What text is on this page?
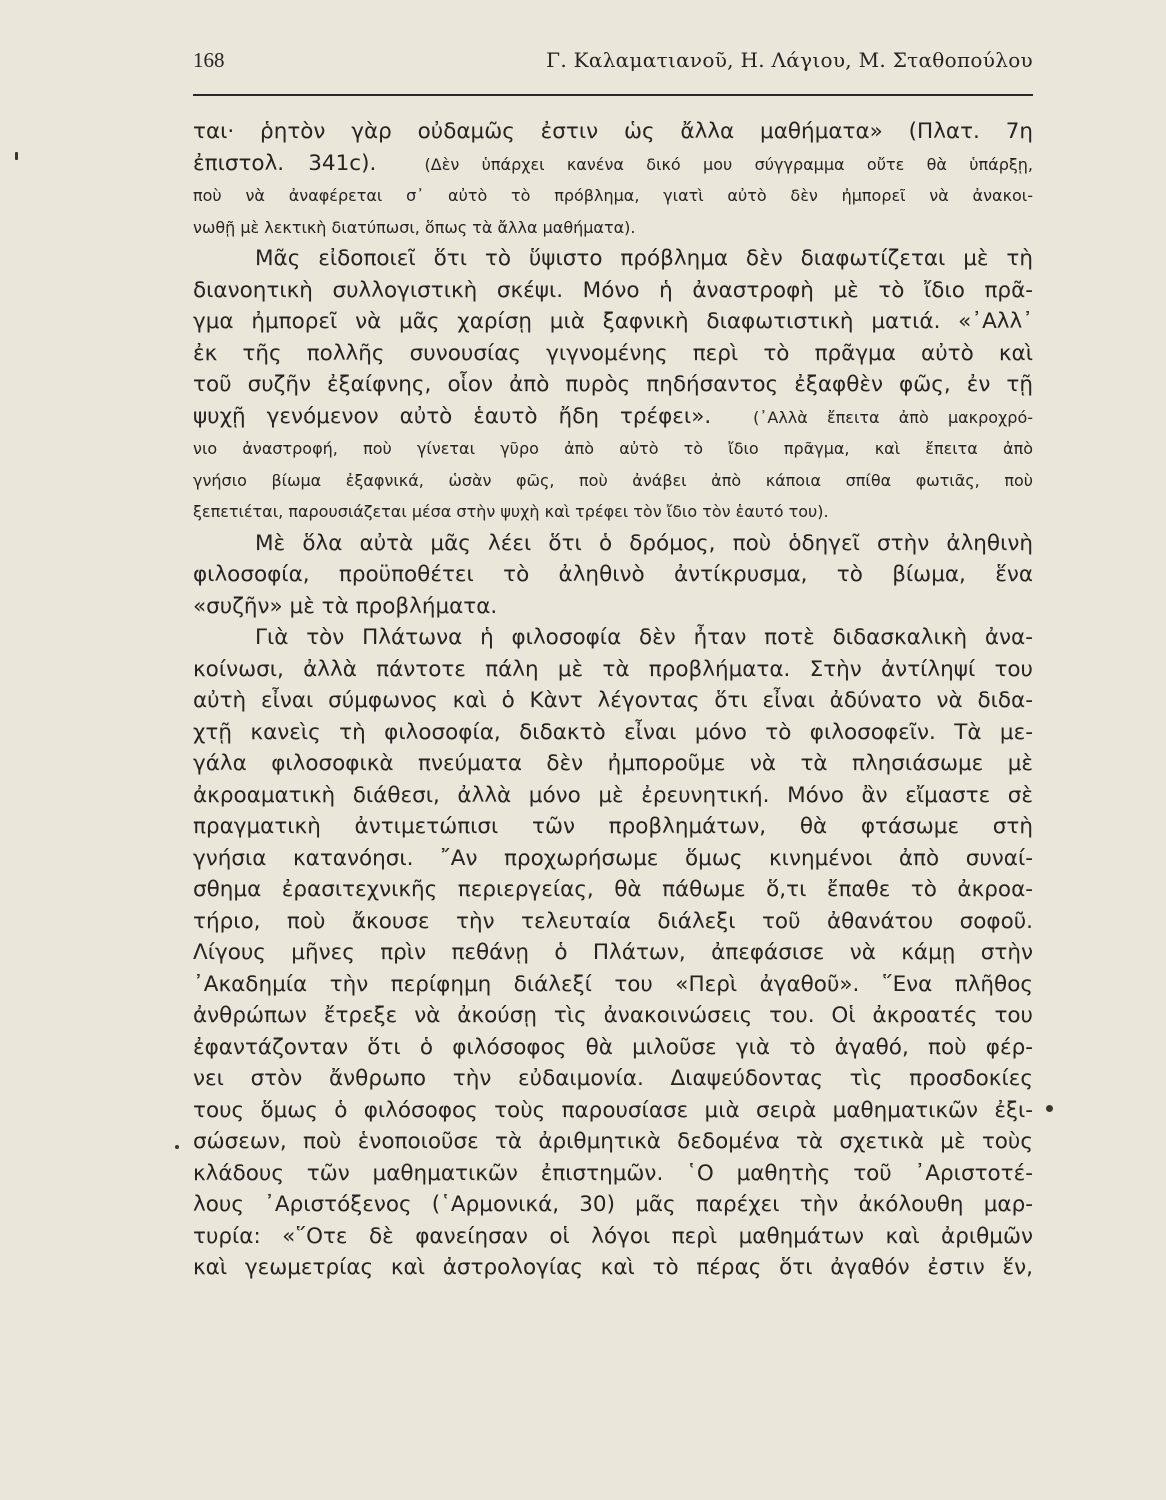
168	Γ. Καλαματιανοῦ, Η. Λάγιου, Μ. Σταθοπούλου
ται· ῥητὸν γὰρ οὐδαμῶς ἐστιν ὡς ἄλλα μαθήματα» (Πλατ. 7η
ἐπιστολ. 341c).	(Δὲν ὑπάρχει κανένα δικό μου σύγγραμμα οὔτε θὰ ὑπάρξῃ,
ποὺ νὰ ἀναφέρεται σ᾿ αὐτὸ τὸ πρόβλημα, γιατὶ αὐτὸ δὲν ἠμπορεῖ νὰ ἀνακοι-
νωθῇ μὲ λεκτικὴ διατύπωσι, ὅπως τὰ ἄλλα μαθήματα).
Μᾶς εἰδοποιεῖ ὅτι τὸ ὕψιστο πρόβλημα δὲν διαφωτίζεται μὲ τὴ
διανοητικὴ συλλογιστικὴ σκέψι. Μόνο ἡ ἀναστροφὴ μὲ τὸ ἴδιο πρᾶ-
γμα ἠμπορεῖ νὰ μᾶς χαρίσῃ μιὰ ξαφνικὴ διαφωτιστικὴ ματιά. «᾿Αλλ᾿
ἐκ τῆς πολλῆς συνουσίας γιγνομένης περὶ τὸ πρᾶγμα αὐτὸ καὶ
τοῦ συζῆν ἐξαίφνης, οἷον ἀπὸ πυρὸς πηδήσαντος ἐξαφθὲν φῶς, ἐν τῇ
ψυχῇ γενόμενον αὐτὸ ἑαυτὸ ἤδη τρέφει».	(᾿Αλλὰ ἔπειτα ἀπὸ μακροχρό-
νιο ἀναστροφή, ποὺ γίνεται γῦρο ἀπὸ αὐτὸ τὸ ἴδιο πρᾶγμα, καὶ ἔπειτα ἀπὸ
γνήσιο βίωμα ἐξαφνικά, ὡσὰν φῶς, ποὺ ἀνάβει ἀπὸ κάποια σπίθα φωτιᾶς, ποὺ
ξεπετιέται, παρουσιάζεται μέσα στὴν ψυχὴ καὶ τρέφει τὸν ἴδιο τὸν ἑαυτό του).
Μὲ ὅλα αὐτὰ μᾶς λέει ὅτι ὁ δρόμος, ποὺ ὁδηγεῖ στὴν ἀληθινὴ
φιλοσοφία, προϋποθέτει τὸ ἀληθινὸ ἀντίκρυσμα, τὸ βίωμα, ἕνα
«συζῆν» μὲ τὰ προβλήματα.
Γιὰ τὸν Πλάτωνα ἡ φιλοσοφία δὲν ἦταν ποτὲ διδασκαλικὴ ἀνα-
κοίνωσι, ἀλλὰ πάντοτε πάλη μὲ τὰ προβλήματα. Στὴν ἀντίληψί του
αὐτὴ εἶναι σύμφωνος καὶ ὁ Κὰντ λέγοντας ὅτι εἶναι ἀδύνατο νὰ διδα-
χτῇ κανεὶς τὴ φιλοσοφία, διδακτὸ εἶναι μόνο τὸ φιλοσοφεῖν. Τὰ με-
γάλα φιλοσοφικὰ πνεύματα δὲν ἠμποροῦμε νὰ τὰ πλησιάσωμε μὲ
ἀκροαματικὴ διάθεσι, ἀλλὰ μόνο μὲ ἐρευνητική. Μόνο ἂν εἴμαστε σὲ
πραγματικὴ ἀντιμετώπισι τῶν προβλημάτων, θὰ φτάσωμε στὴ
γνήσια κατανόησι. ῎Αν προχωρήσωμε ὅμως κινημένοι ἀπὸ συναί-
σθημα ἐρασιτεχνικῆς περιεργείας, θὰ πάθωμε ὅ,τι ἔπαθε τὸ ἀκροα-
τήριο, ποὺ ἄκουσε τὴν τελευταία διάλεξι τοῦ ἀθανάτου σοφοῦ.
Λίγους μῆνες πρὶν πεθάνῃ ὁ Πλάτων, ἀπεφάσισε νὰ κάμῃ στὴν
᾿Ακαδημία τὴν περίφημη διάλεξί του «Περὶ ἀγαθοῦ». ῞Ενα πλῆθος
ἀνθρώπων ἔτρεξε νὰ ἀκούσῃ τὶς ἀνακοινώσεις του. Οἱ ἀκροατές του
ἐφαντάζονταν ὅτι ὁ φιλόσοφος θὰ μιλοῦσε γιὰ τὸ ἀγαθό, ποὺ φέρ-
νει στὸν ἄνθρωπο τὴν εὐδαιμονία. Διαψεύδοντας τὶς προσδοκίες
τους ὅμως ὁ φιλόσοφος τοὺς παρουσίασε μιὰ σειρὰ μαθηματικῶν ἐξι-
σώσεων, ποὺ ἑνοποιοῦσε τὰ ἀριθμητικὰ δεδομένα τὰ σχετικὰ μὲ τοὺς
κλάδους τῶν μαθηματικῶν ἐπιστημῶν. ῾Ο μαθητὴς τοῦ ᾿Αριστοτέ-
λους ᾿Αριστόξενος (῾Αρμονικά, 30) μᾶς παρέχει τὴν ἀκόλουθη μαρ-
τυρία: «῞Οτε δὲ φανείησαν οἱ λόγοι περὶ μαθημάτων καὶ ἀριθμῶν
καὶ γεωμετρίας καὶ ἀστρολογίας καὶ τὸ πέρας ὅτι ἀγαθόν ἐστιν ἕν,
